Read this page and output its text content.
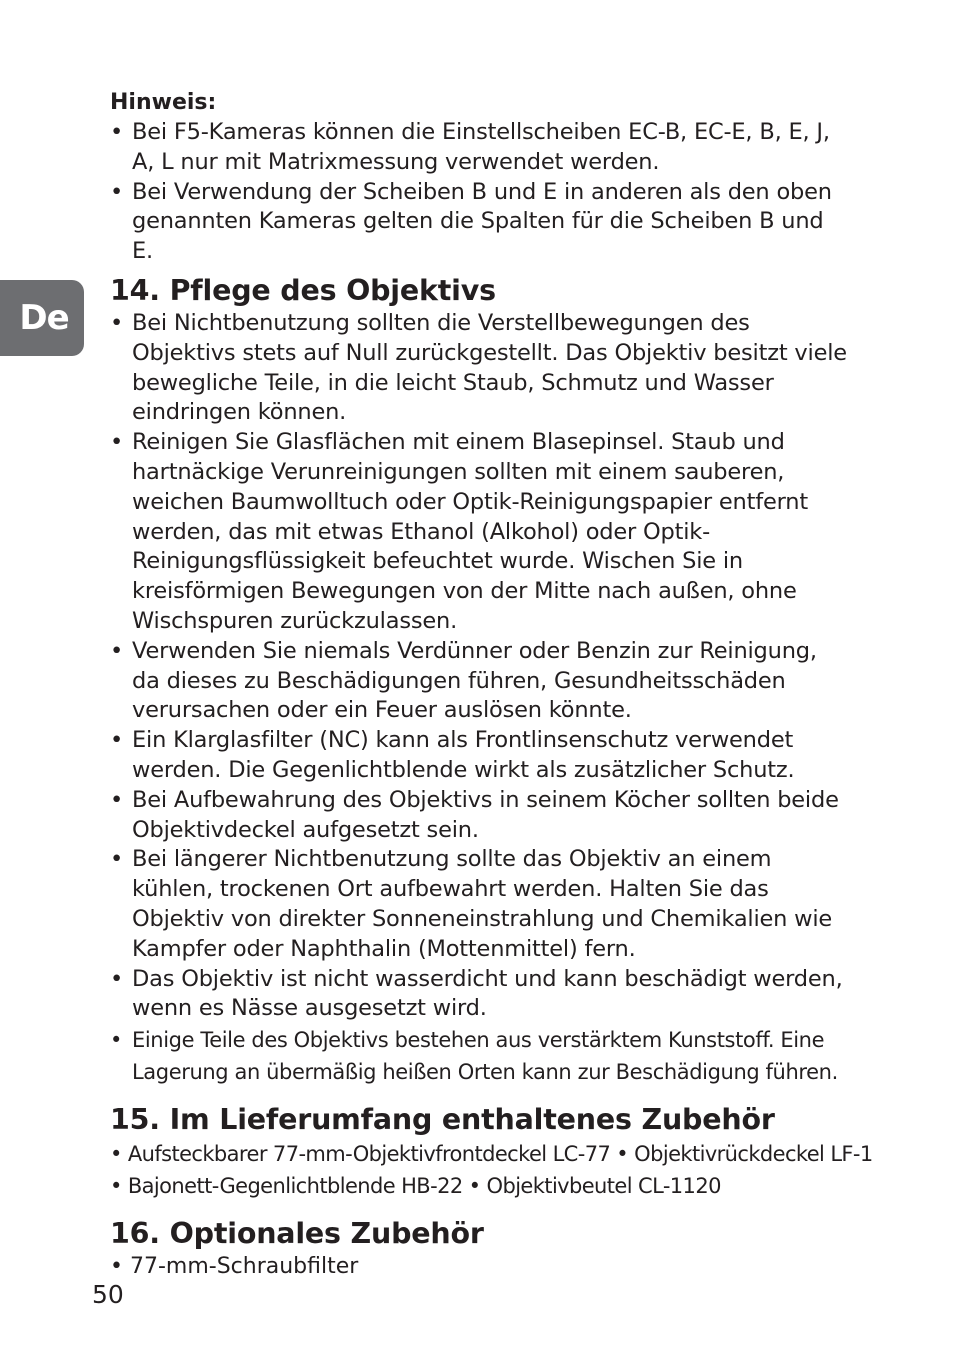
De

Hinweis:

• Bei F5-Kameras können die Einstellscheiben EC-B, EC-E, B, E, J, A, L nur mit Matrixmessung verwendet werden.
• Bei Verwendung der Scheiben B und E in anderen als den oben genannten Kameras gelten die Spalten für die Scheiben B und E.
14. Pflege des Objektivs
• Bei Nichtbenutzung sollten die Verstellbewegungen des Objektivs stets auf Null zurückgestellt. Das Objektiv besitzt viele bewegliche Teile, in die leicht Staub, Schmutz und Wasser eindringen können.
• Reinigen Sie Glasflächen mit einem Blasepinsel. Staub und hartnäckige Verunreinigungen sollten mit einem sauberen, weichen Baumwolltuch oder Optik-Reinigungspapier entfernt werden, das mit etwas Ethanol (Alkohol) oder Optik-Reinigungsflüssigkeit befeuchtet wurde. Wischen Sie in kreisförmigen Bewegungen von der Mitte nach außen, ohne Wischspuren zurückzulassen.
• Verwenden Sie niemals Verdünner oder Benzin zur Reinigung, da dieses zu Beschädigungen führen, Gesundheitsschäden verursachen oder ein Feuer auslösen könnte.
• Ein Klarglasfilter (NC) kann als Frontlinsenschutz verwendet werden. Die Gegenlichtblende wirkt als zusätzlicher Schutz.
• Bei Aufbewahrung des Objektivs in seinem Köcher sollten beide Objektivdeckel aufgesetzt sein.
• Bei längerer Nichtbenutzung sollte das Objektiv an einem kühlen, trockenen Ort aufbewahrt werden. Halten Sie das Objektiv von direkter Sonneneinstrahlung und Chemikalien wie Kampfer oder Naphthalin (Mottenmittel) fern.
• Das Objektiv ist nicht wasserdicht und kann beschädigt werden, wenn es Nässe ausgesetzt wird.
• Einige Teile des Objektivs bestehen aus verstärktem Kunststoff. Eine Lagerung an übermäßig heißen Orten kann zur Beschädigung führen.
15. Im Lieferumfang enthaltenes Zubehör
• Aufsteckbarer 77-mm-Objektivfrontdeckel LC-77 • Objektivrückdeckel LF-1
• Bajonett-Gegenlichtblende HB-22 • Objektivbeutel CL-1120
16. Optionales Zubehör
• 77-mm-Schraubfilter
50
